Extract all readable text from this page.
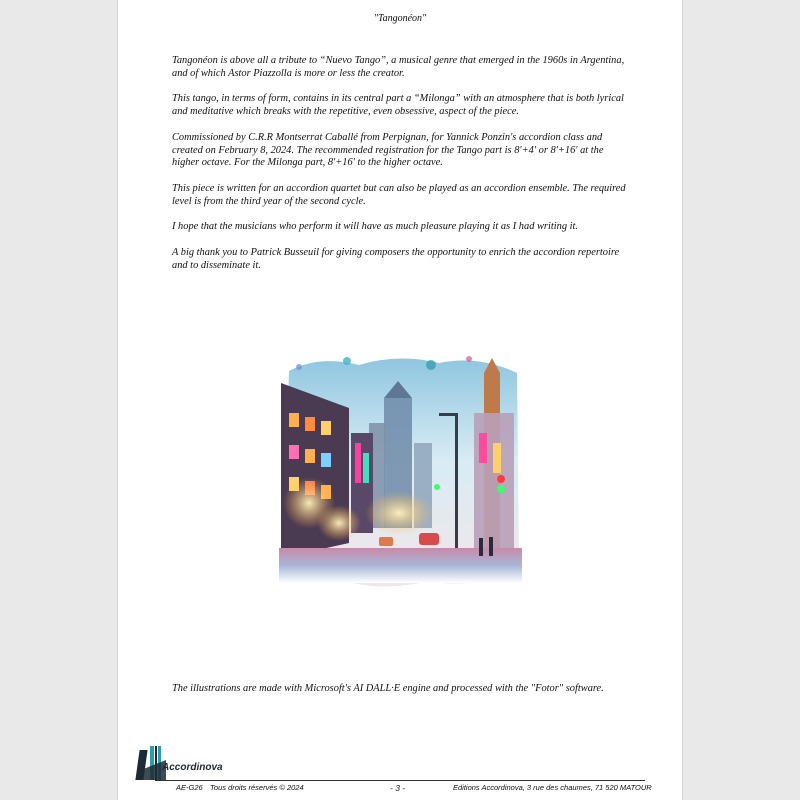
"Tangonéon"

Tangonéon is above all a tribute to “Nuevo Tango”, a musical genre that emerged in the 1960s in Argentina, and of which Astor Piazzolla is more or less the creator.

This tango, in terms of form, contains in its central part a “Milonga” with an atmosphere that is both lyrical and meditative which breaks with the repetitive, even obsessive, aspect of the piece.

Commissioned by C.R.R Montserrat Caballé from Perpignan, for Yannick Ponzin's accordion class and created on February 8, 2024. The recommended registration for the Tango part is 8'+4' or 8'+16' at the higher octave. For the Milonga part, 8'+16' to the higher octave.

This piece is written for an accordion quartet but can also be played as an accordion ensemble. The required level is from the third year of the second cycle.

I hope that the musicians who perform it will have as much pleasure playing it as I had writing it.

A big thank you to Patrick Busseuil for giving composers the opportunity to enrich the accordion repertoire and to disseminate it.

The illustrations are made with Microsoft's AI DALL·E engine and processed with the "Fotor" software.
Accordinova
AE-G26 Tous droits réservés © 2024	- 3 -	Editions Accordinova, 3 rue des chaumes, 71 520 MATOUR
